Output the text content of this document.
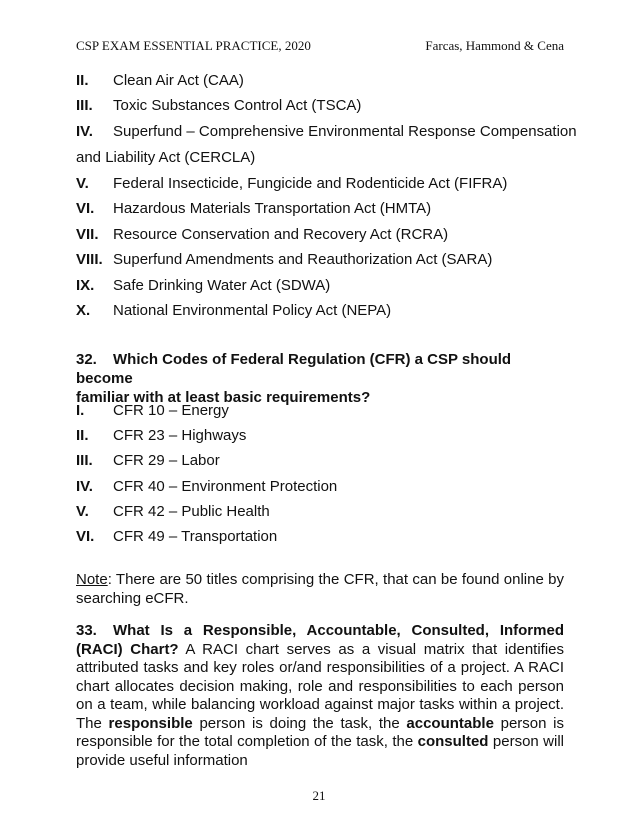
CSP EXAM ESSENTIAL PRACTICE, 2020	Farcas, Hammond & Cena
II. Clean Air Act (CAA)
III. Toxic Substances Control Act (TSCA)
IV. Superfund – Comprehensive Environmental Response Compensation
and Liability Act (CERCLA)
V. Federal Insecticide, Fungicide and Rodenticide Act (FIFRA)
VI. Hazardous Materials Transportation Act (HMTA)
VII. Resource Conservation and Recovery Act (RCRA)
VIII. Superfund Amendments and Reauthorization Act (SARA)
IX. Safe Drinking Water Act (SDWA)
X. National Environmental Policy Act (NEPA)
32. Which Codes of Federal Regulation (CFR) a CSP should become
familiar with at least basic requirements?
I. CFR 10 – Energy
II. CFR 23 – Highways
III. CFR 29 – Labor
IV. CFR 40 – Environment Protection
V. CFR 42 – Public Health
VI. CFR 49 – Transportation
Note: There are 50 titles comprising the CFR, that can be found online by searching eCFR.
33. What Is a Responsible, Accountable, Consulted, Informed (RACI) Chart? A RACI chart serves as a visual matrix that identifies attributed tasks and key roles or/and responsibilities of a project. A RACI chart allocates decision making, role and responsibilities to each person on a team, while balancing workload against major tasks within a project. The responsible person is doing the task, the accountable person is responsible for the total completion of the task, the consulted person will provide useful information
21
